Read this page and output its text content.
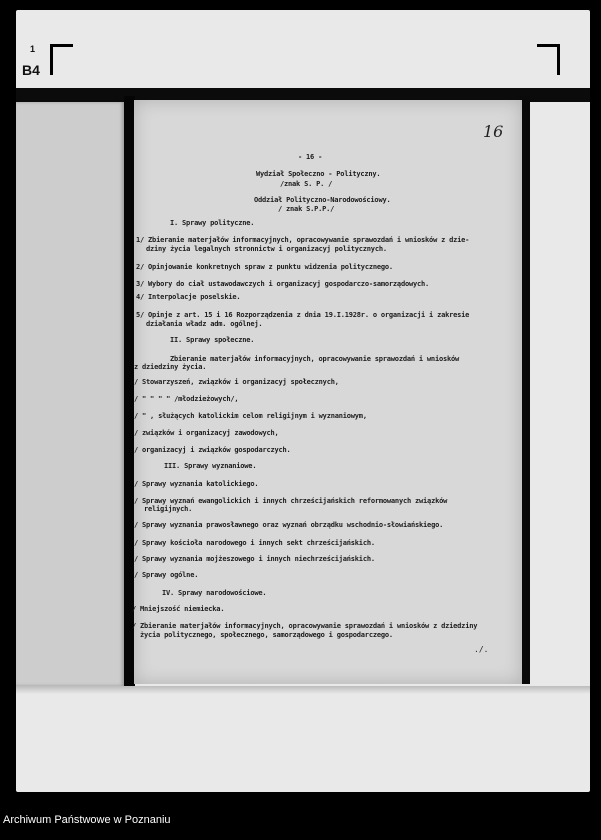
1
B4
16
- 16 -
Wydział Społeczno - Polityczny.
/znak S. P. /
Oddział Polityczno-Narodowościowy.
/ znak S.P.P./
I. Sprawy polityczne.
1/ Zbieranie materjałów informacyjnych, opracowywanie sprawozdań i wniosków z dzie-
dziny życia legalnych stronnictw i organizacyj politycznych.
2/ Opinjowanie konkretnych spraw z punktu widzenia politycznego.
3/ Wybory do ciał ustawodawczych i organizacyj gospodarczo-samorządowych.
4/ Interpolacje poselskie.
5/ Opinje z art. 15 i 16 Rozporządzenia z dnia 19.I.1928r. o organizacji i zakresie
działania władz adm. ogólnej.
II. Sprawy społeczne.
Zbieranie materjałów informacyjnych, opracowywanie sprawozdań i wniosków
z dziedziny życia.
/ Stowarzyszeń, związków i organizacyj społecznych,
/ " " " " /młodzieżowych/,
/ " , służących katolickim celom religijnym i wyznaniowym,
/ związków i organizacyj zawodowych,
/ organizacyj i związków gospodarczych.
III. Sprawy wyznaniowe.
/ Sprawy wyznania katolickiego.
/ Sprawy wyznań ewangolickich i innych chrześcijańskich reformowanych związków
religijnych.
/ Sprawy wyznania prawosławnego oraz wyznań obrządku wschodnio-słowiańskiego.
/ Sprawy kościoła narodowego i innych sekt chrześcijańskich.
/ Sprawy wyznania mojżeszowego i innych niechrześcijańskich.
/ Sprawy ogólne.
IV. Sprawy narodowościowe.
/ Mniejszość niemiecka.
/ Zbieranie materjałów informacyjnych, opracowywanie sprawozdań i wniosków z dziedziny
życia politycznego, społecznego, samorządowego i gospodarczego.
./.
Archiwum Państwowe w Poznaniu
